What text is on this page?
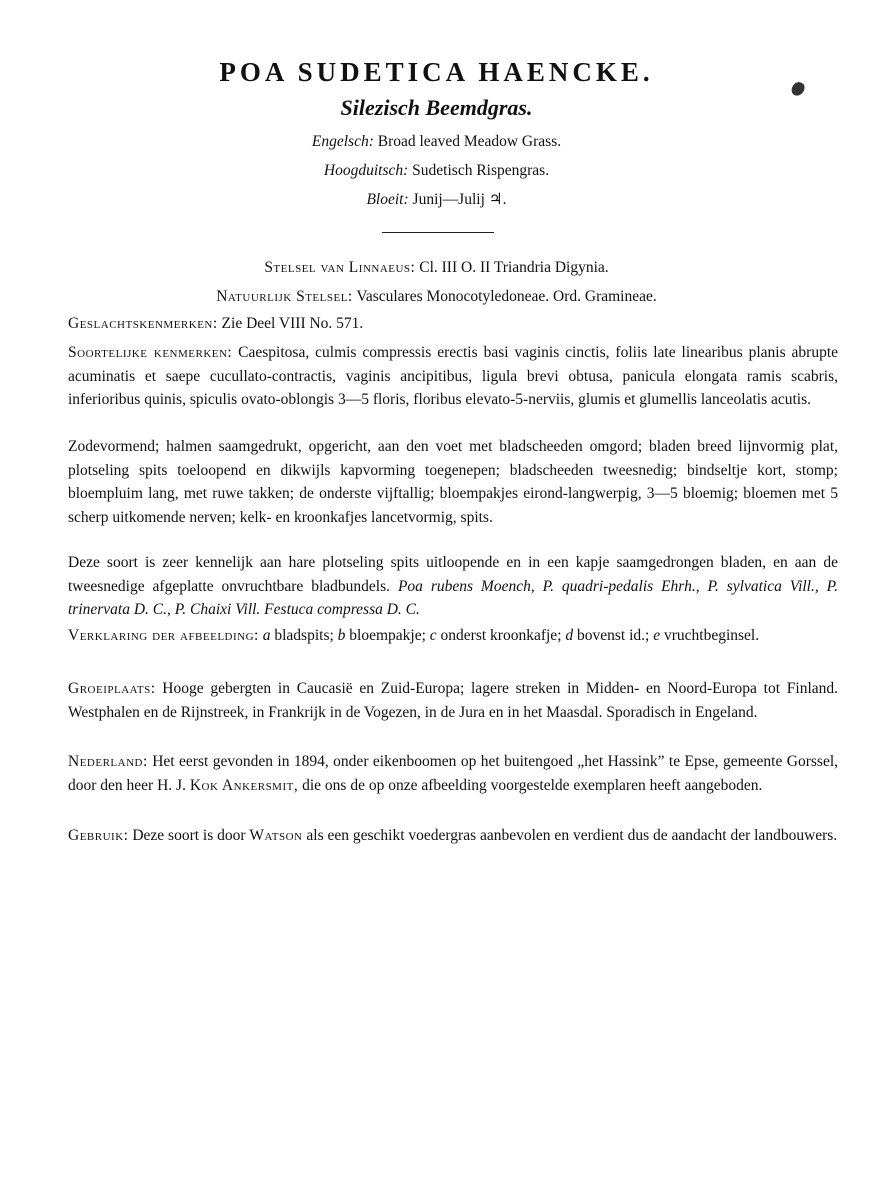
POA SUDETICA HAENCKE.
Silezisch Beemdgras.
Engelsch: Broad leaved Meadow Grass.
Hoogduitsch: Sudetisch Rispengras.
Bloeit: Junij—Julij ♃.
Stelsel van Linnaeus: Cl. III O. II Triandria Digynia.
Natuurlijk Stelsel: Vasculares Monocotyledoneae. Ord. Gramineae.
Geslachtskenmerken: Zie Deel VIII No. 571.
Soortelijke kenmerken: Caespitosa, culmis compressis erectis basi vaginis cinctis, foliis late linearibus planis abrupte acuminatis et saepe cucullato-contractis, vaginis ancipitibus, ligula brevi obtusa, panicula elongata ramis scabris, inferioribus quinis, spiculis ovato-oblongis 3—5 floris, floribus elevato-5-nerviis, glumis et glumellis lanceolatis acutis.
Zodevormend; halmen saamgedrukt, opgericht, aan den voet met bladscheeden omgord; bladen breed lijnvormig plat, plotseling spits toeloopend en dikwijls kapvorming toegenepen; bladscheeden tweesnedig; bindseltje kort, stomp; bloempluim lang, met ruwe takken; de onderste vijftallig; bloempakjes eirond-langwerpig, 3—5 bloemig; bloemen met 5 scherp uitkomende nerven; kelk- en kroonkafjes lancetvormig, spits.
Deze soort is zeer kennelijk aan hare plotseling spits uitloopende en in een kapje saamgedrongen bladen, en aan de tweesnedige afgeplatte onvruchtbare bladbundels. Poa rubens Moench, P. quadri-pedalis Ehrh., P. sylvatica Vill., P. trinervata D. C., P. Chaixi Vill. Festuca compressa D. C.
Verklaring der afbeelding: a bladspits; b bloempakje; c onderst kroonkafje; d bovenst id.; e vruchtbeginsel.
Groeiplaats: Hooge gebergten in Caucasië en Zuid-Europa; lagere streken in Midden- en Noord-Europa tot Finland. Westphalen en de Rijnstreek, in Frankrijk in de Vogezen, in de Jura en in het Maasdal. Sporadisch in Engeland.
Nederland: Het eerst gevonden in 1894, onder eikenboomen op het buitengoed „het Hassink” te Epse, gemeente Gorssel, door den heer H. J. Kok Ankersmit, die ons de op onze afbeelding voorgestelde exemplaren heeft aangeboden.
Gebruik: Deze soort is door Watson als een geschikt voedergras aanbevolen en verdient dus de aandacht der landbouwers.
